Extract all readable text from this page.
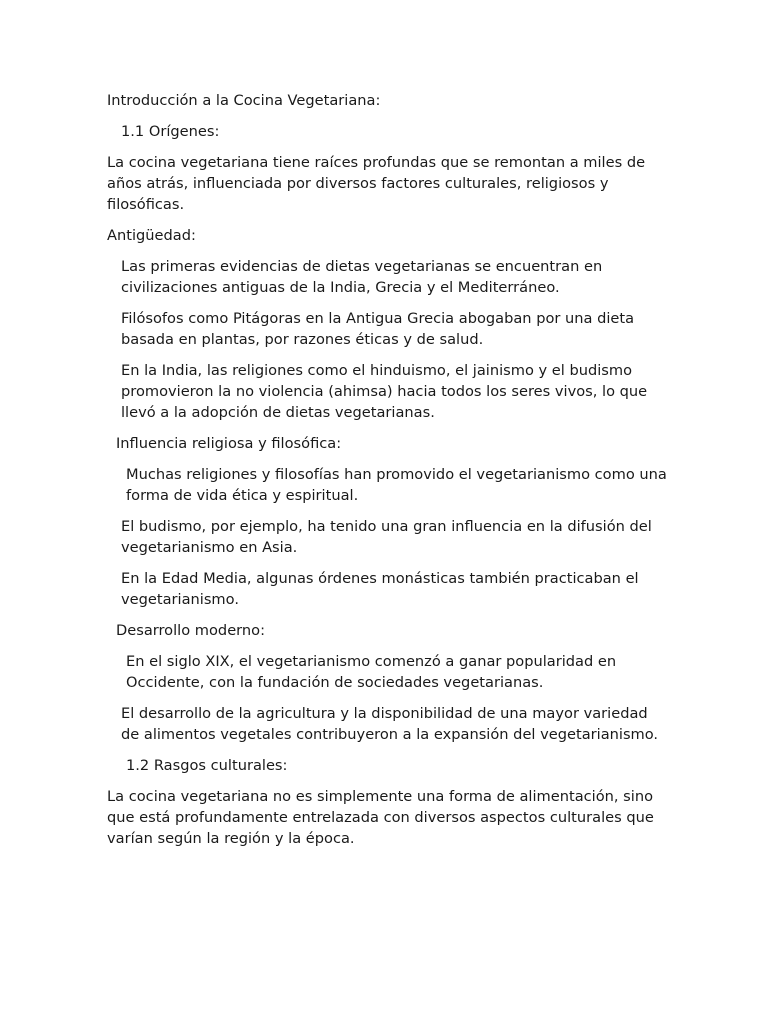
Introducción a la Cocina Vegetariana:

1.1 Orígenes:

La cocina vegetariana tiene raíces profundas que se remontan a miles de años atrás, influenciada por diversos factores culturales, religiosos y filosóficas.

Antigüedad:

Las primeras evidencias de dietas vegetarianas se encuentran en civilizaciones antiguas de la India, Grecia y el Mediterráneo.

Filósofos como Pitágoras en la Antigua Grecia abogaban por una dieta basada en plantas, por razones éticas y de salud.

En la India, las religiones como el hinduismo, el jainismo y el budismo promovieron la no violencia (ahimsa) hacia todos los seres vivos, lo que llevó a la adopción de dietas vegetarianas.

Influencia religiosa y filosófica:

Muchas religiones y filosofías han promovido el vegetarianismo como una forma de vida ética y espiritual.

El budismo, por ejemplo, ha tenido una gran influencia en la difusión del vegetarianismo en Asia.

En la Edad Media, algunas órdenes monásticas también practicaban el vegetarianismo.

Desarrollo moderno:

En el siglo XIX, el vegetarianismo comenzó a ganar popularidad en Occidente, con la fundación de sociedades vegetarianas.

El desarrollo de la agricultura y la disponibilidad de una mayor variedad de alimentos vegetales contribuyeron a la expansión del vegetarianismo.

1.2 Rasgos culturales:

La cocina vegetariana no es simplemente una forma de alimentación, sino que está profundamente entrelazada con diversos aspectos culturales que varían según la región y la época.
